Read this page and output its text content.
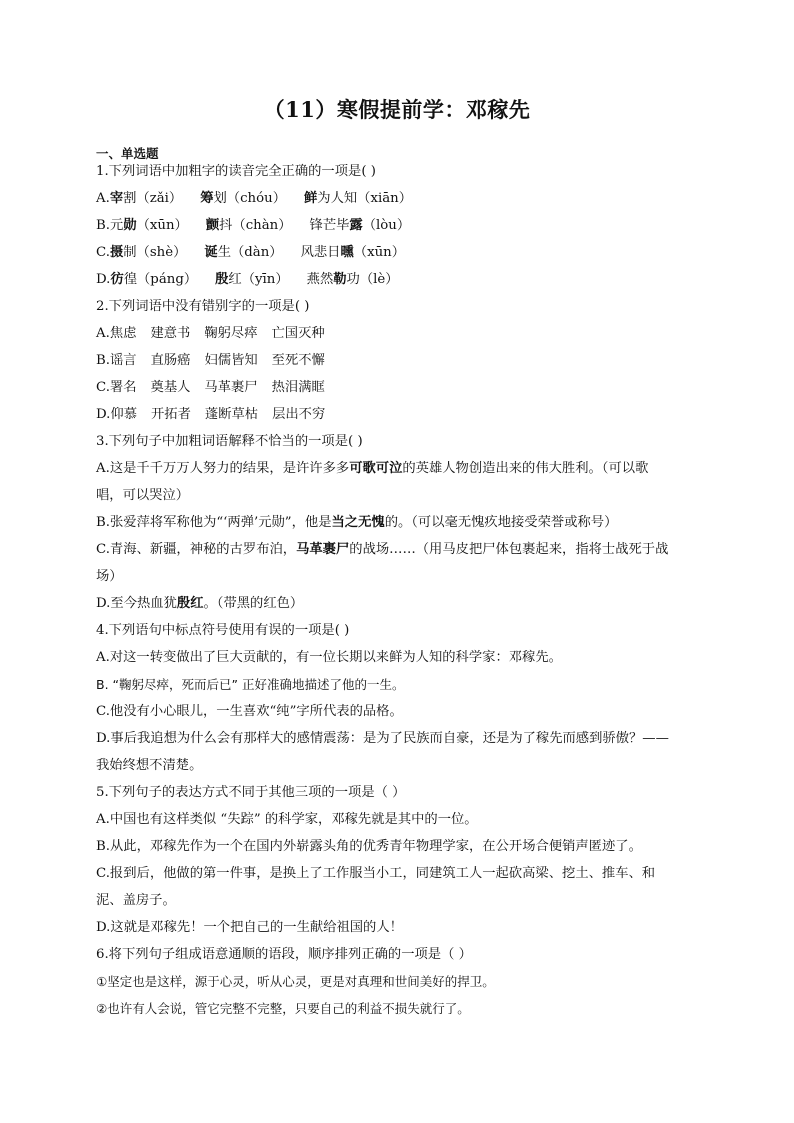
（11）寒假提前学：邓稼先
一、单选题
1.下列词语中加粗字的读音完全正确的一项是( )
A.宰割（zǎi） 筹划（chóu） 鲜为人知（xiān）
B.元勋（xūn） 颤抖（chàn） 锋芒毕露（lòu）
C.摄制（shè） 诞生（dàn） 风悲日曛（xūn）
D.彷徨（páng） 殷红（yīn） 燕然勒功（lè）
2.下列词语中没有错别字的一项是( )
A.焦虑 建意书 鞠躬尽瘁 亡国灭种
B.谣言 直肠癌 妇儒皆知 至死不懈
C.署名 奠基人 马革裹尸 热泪满眶
D.仰慕 开拓者 蓬断草枯 层出不穷
3.下列句子中加粗词语解释不恰当的一项是( )
A.这是千千万万人努力的结果，是许许多多可歌可泣的英雄人物创造出来的伟大胜利。（可以歌
唱，可以哭泣）
B.张爱萍将军称他为“‘两弹’元勋”，他是当之无愧的。（可以毫无愧疚地接受荣誉或称号）
C.青海、新疆，神秘的古罗布泊，马革裹尸的战场……（用马皮把尸体包裹起来，指将士战死于战
场）
D.至今热血犹殷红。（带黑的红色）
4.下列语句中标点符号使用有误的一项是( )
A.对这一转变做出了巨大贡献的，有一位长期以来鲜为人知的科学家：邓稼先。
B. “鞠躬尽瘁，死而后已” 正好准确地描述了他的一生。
C.他没有小心眼儿，一生喜欢“纯”字所代表的品格。
D.事后我追想为什么会有那样大的感情震荡：是为了民族而自豪，还是为了稼先而感到骄傲？——
我始终想不清楚。
5.下列句子的表达方式不同于其他三项的一项是（ ）
A.中国也有这样类似 “失踪” 的科学家，邓稼先就是其中的一位。
B.从此，邓稼先作为一个在国内外崭露头角的优秀青年物理学家，在公开场合便销声匿迹了。
C.报到后，他做的第一件事，是换上了工作服当小工，同建筑工人一起砍高梁、挖土、推车、和
泥、盖房子。
D.这就是邓稼先！一个把自己的一生献给祖国的人！
6.将下列句子组成语意通顺的语段，顺序排列正确的一项是（ ）
①坚定也是这样，源于心灵，听从心灵，更是对真理和世间美好的捍卫。
②也许有人会说，管它完整不完整，只要自己的利益不损失就行了。
